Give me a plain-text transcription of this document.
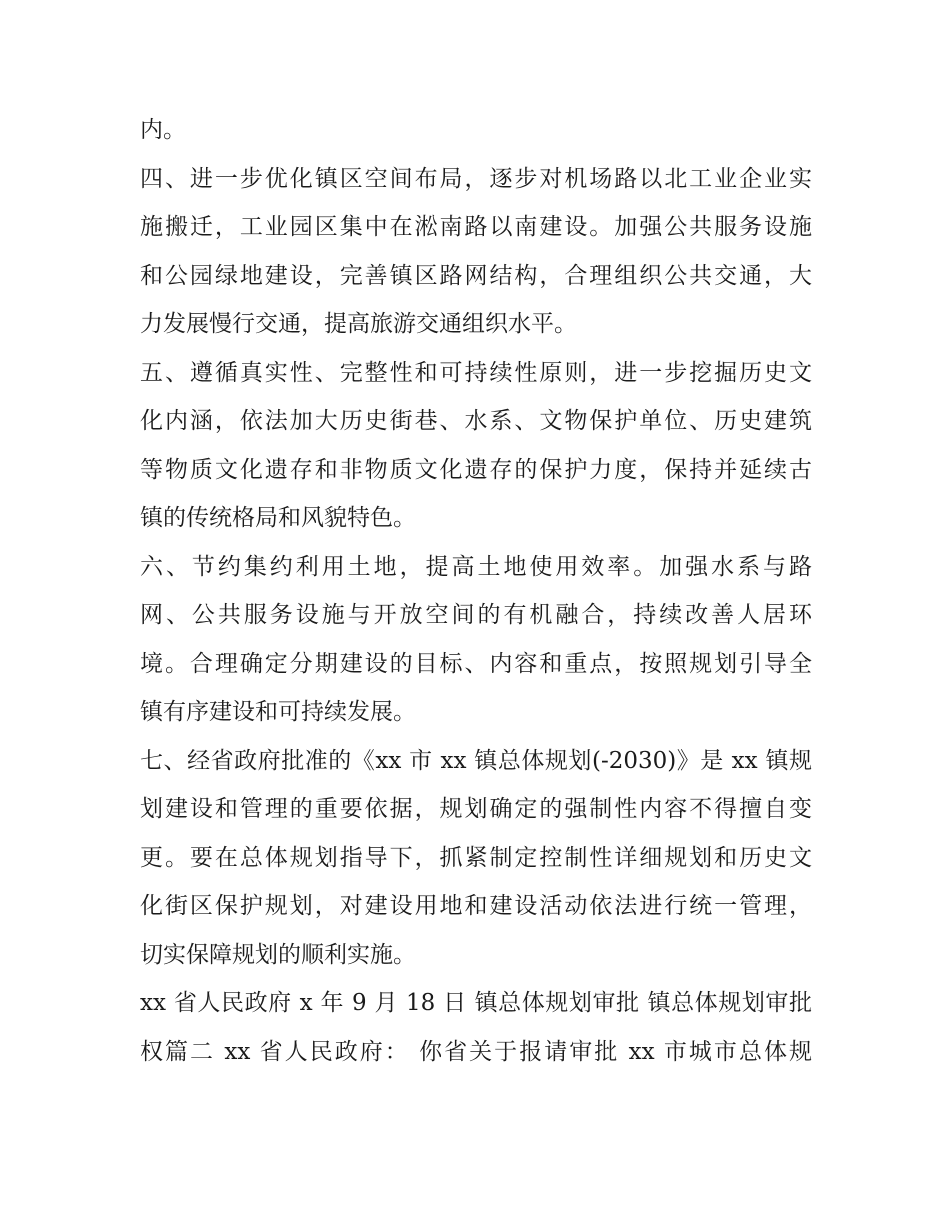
内。
四、进一步优化镇区空间布局，逐步对机场路以北工业企业实
施搬迁，工业园区集中在淞南路以南建设。加强公共服务设施
和公园绿地建设，完善镇区路网结构，合理组织公共交通，大
力发展慢行交通，提高旅游交通组织水平。
五、遵循真实性、完整性和可持续性原则，进一步挖掘历史文
化内涵，依法加大历史街巷、水系、文物保护单位、历史建筑
等物质文化遗存和非物质文化遗存的保护力度，保持并延续古
镇的传统格局和风貌特色。
六、节约集约利用土地，提高土地使用效率。加强水系与路
网、公共服务设施与开放空间的有机融合，持续改善人居环
境。合理确定分期建设的目标、内容和重点，按照规划引导全
镇有序建设和可持续发展。
七、经省政府批准的《xx 市 xx 镇总体规划(-2030)》是 xx 镇规
划建设和管理的重要依据，规划确定的强制性内容不得擅自变
更。要在总体规划指导下，抓紧制定控制性详细规划和历史文
化街区保护规划，对建设用地和建设活动依法进行统一管理，
切实保障规划的顺利实施。
xx 省人民政府 x 年 9 月 18 日 镇总体规划审批 镇总体规划审批
权篇二 xx 省人民政府： 你省关于报请审批 xx 市城市总体规
